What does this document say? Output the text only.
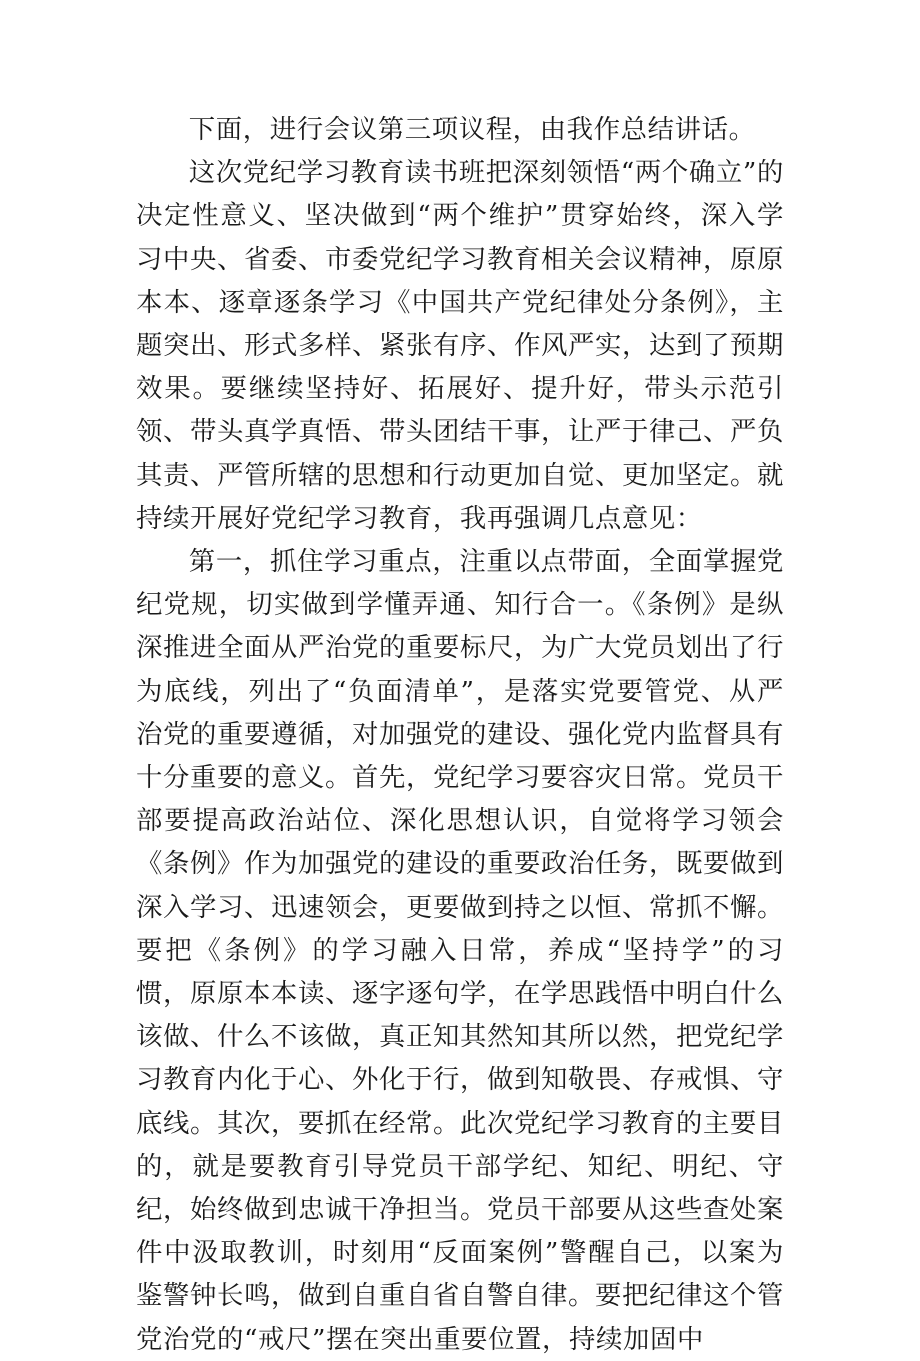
下面，进行会议第三项议程，由我作总结讲话。

这次党纪学习教育读书班把深刻领悟“两个确立”的决定性意义、坚决做到“两个维护”贯穿始终，深入学习中央、省委、市委党纪学习教育相关会议精神，原原本本、逐章逐条学习《中国共产党纪律处分条例》，主题突出、形式多样、紧张有序、作风严实，达到了预期效果。要继续坚持好、拓展好、提升好，带头示范引领、带头真学真悟、带头团结干事，让严于律己、严负其责、严管所辖的思想和行动更加自觉、更加坚定。就持续开展好党纪学习教育，我再强调几点意见：

第一，抓住学习重点，注重以点带面，全面掌握党纪党规，切实做到学懂弄通、知行合一。《条例》是纵深推进全面从严治党的重要标尺，为广大党员划出了行为底线，列出了“负面清单”，是落实党要管党、从严治党的重要遵循，对加强党的建设、强化党内监督具有十分重要的意义。首先，党纪学习要容灾日常。党员干部要提高政治站位、深化思想认识，自觉将学习领会《条例》作为加强党的建设的重要政治任务，既要做到深入学习、迅速领会，更要做到持之以恒、常抓不懈。要把《条例》的学习融入日常，养成“坚持学”的习惯，原原本本读、逐字逐句学，在学思践悟中明白什么该做、什么不该做，真正知其然知其所以然，把党纪学习教育内化于心、外化于行，做到知敬畏、存戒惧、守底线。其次，要抓在经常。此次党纪学习教育的主要目的，就是要教育引导党员干部学纪、知纪、明纪、守纪，始终做到忠诚干净担当。党员干部要从这些查处案件中汲取教训，时刻用“反面案例”警醒自己，以案为鉴警钟长鸣，做到自重自省自警自律。要把纪律这个管党治党的“戒尺”摆在突出重要位置，持续加固中
